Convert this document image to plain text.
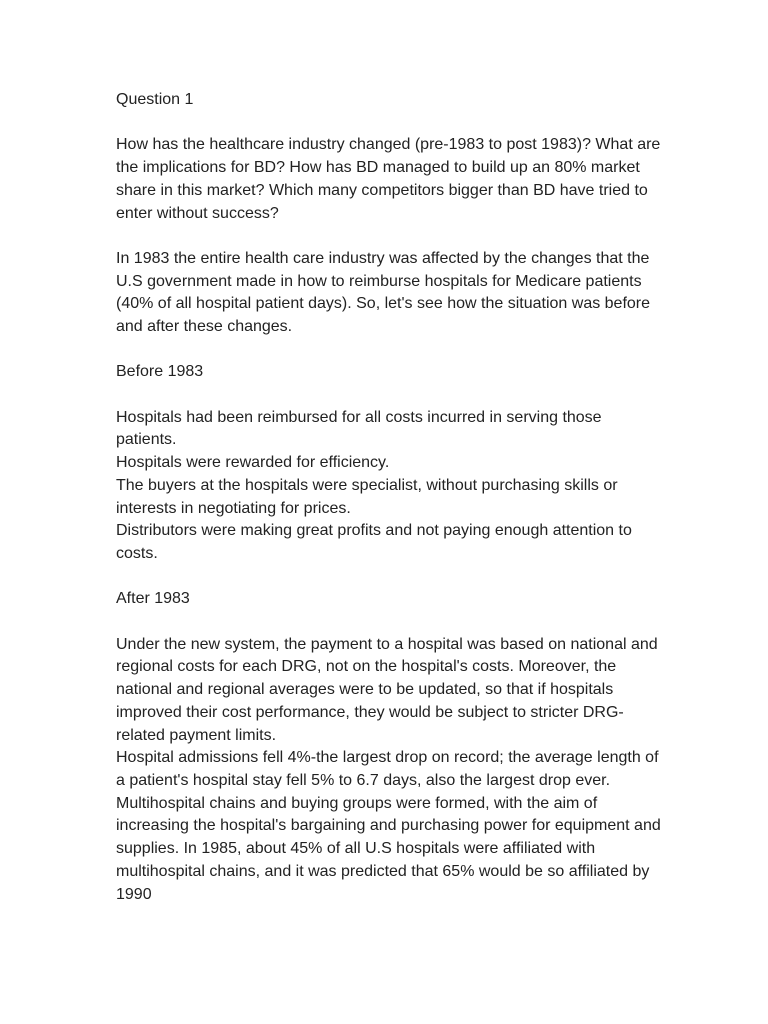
Question 1

How has the healthcare industry changed (pre-1983 to post 1983)? What are the implications for BD? How has BD managed to build up an 80% market share in this market? Which many competitors bigger than BD have tried to enter without success?

In 1983 the entire health care industry was affected by the changes that the U.S government made in how to reimburse hospitals for Medicare patients (40% of all hospital patient days). So, let's see how the situation was before and after these changes.

Before 1983

Hospitals had been reimbursed for all costs incurred in serving those patients.

Hospitals were rewarded for efficiency.

The buyers at the hospitals were specialist, without purchasing skills or interests in negotiating for prices.

Distributors were making great profits and not paying enough attention to costs.

After 1983

Under the new system, the payment to a hospital was based on national and regional costs for each DRG, not on the hospital's costs. Moreover, the national and regional averages were to be updated, so that if hospitals improved their cost performance, they would be subject to stricter DRG-related payment limits.

Hospital admissions fell 4%-the largest drop on record; the average length of a patient's hospital stay fell 5% to 6.7 days, also the largest drop ever.

Multihospital chains and buying groups were formed, with the aim of increasing the hospital's bargaining and purchasing power for equipment and supplies. In 1985, about 45% of all U.S hospitals were affiliated with multihospital chains, and it was predicted that 65% would be so affiliated by 1990
